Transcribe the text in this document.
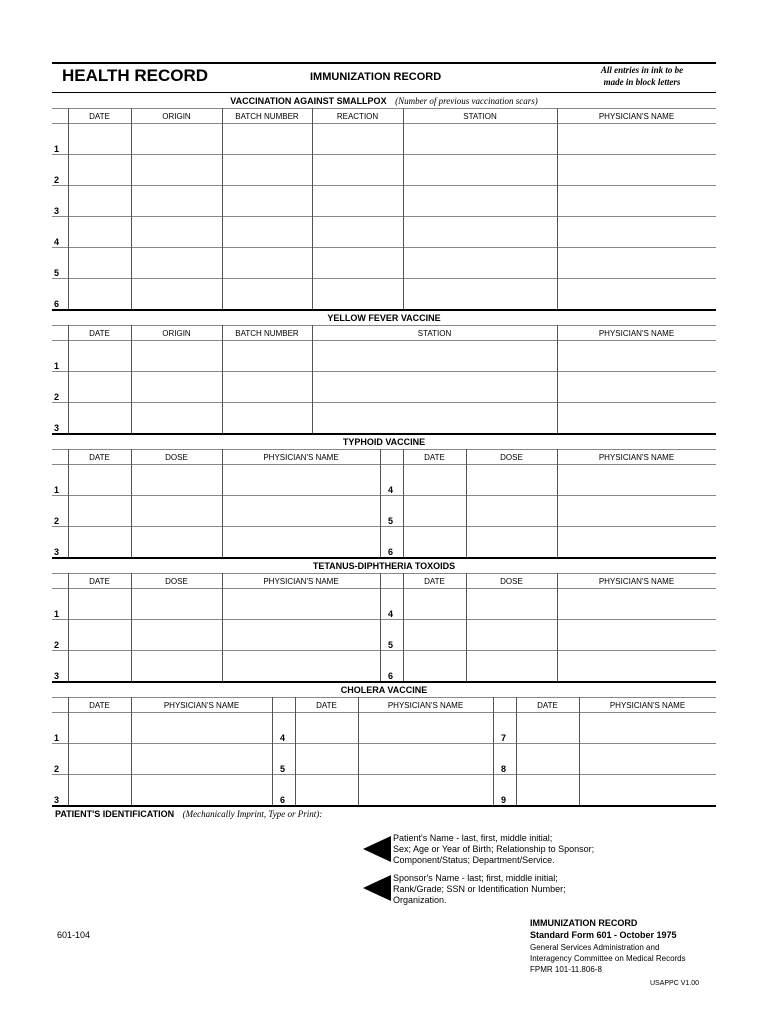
HEALTH RECORD	IMMUNIZATION RECORD
All entries in ink to be
made in block letters
VACCINATION AGAINST SMALLPOX (Number of previous vaccination scars)
DATE	ORIGIN	BATCH NUMBER	REACTION	STATION	PHYSICIAN'S NAME
1
2
3
4
5
6
YELLOW FEVER VACCINE
DATE	ORIGIN	BATCH NUMBER	STATION	PHYSICIAN'S NAME
1
2
3
TYPHOID VACCINE
DATE	DOSE	PHYSICIAN'S NAME	DATE	DOSE	PHYSICIAN'S NAME
1
2
3
4
5
6
TETANUS-DIPHTHERIA TOXOIDS
DATE	DOSE	PHYSICIAN'S NAME	DATE	DOSE	PHYSICIAN'S NAME
1
2
3
4
5
6
CHOLERA VACCINE
DATE	PHYSICIAN'S NAME	DATE	PHYSICIAN'S NAME	DATE	PHYSICIAN'S NAME
1
2
3
4
5
6
7
8
9
PATIENT'S IDENTIFICATION (Mechanically Imprint, Type or Print):
Patient's Name - last, first, middle initial;
Sex; Age or Year of Birth; Relationship to Sponsor;
Component/Status; Department/Service.
Sponsor's Name - last; first, middle initial;
Rank/Grade; SSN or Identification Number;
Organization.
601-104
IMMUNIZATION RECORD
Standard Form 601 - October 1975
General Services Administration and
Interagency Committee on Medical Records
FPMR 101-11.806-8
USAPPC V1.00
